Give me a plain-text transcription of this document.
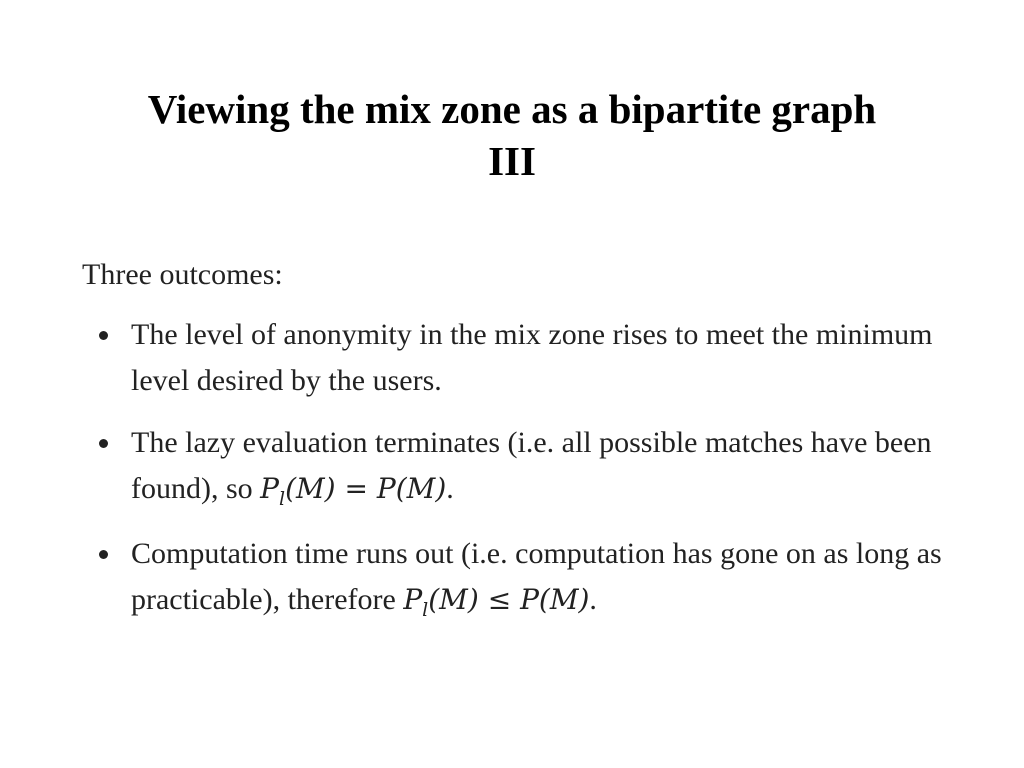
Viewing the mix zone as a bipartite graph
III

Three outcomes:

The level of anonymity in the mix zone rises to meet the minimum level desired by the users.
The lazy evaluation terminates (i.e. all possible matches have been found), so $P_l(M) = P(M)$.
Computation time runs out (i.e. computation has gone on as long as practicable), therefore $P_l(M) \le P(M)$.
